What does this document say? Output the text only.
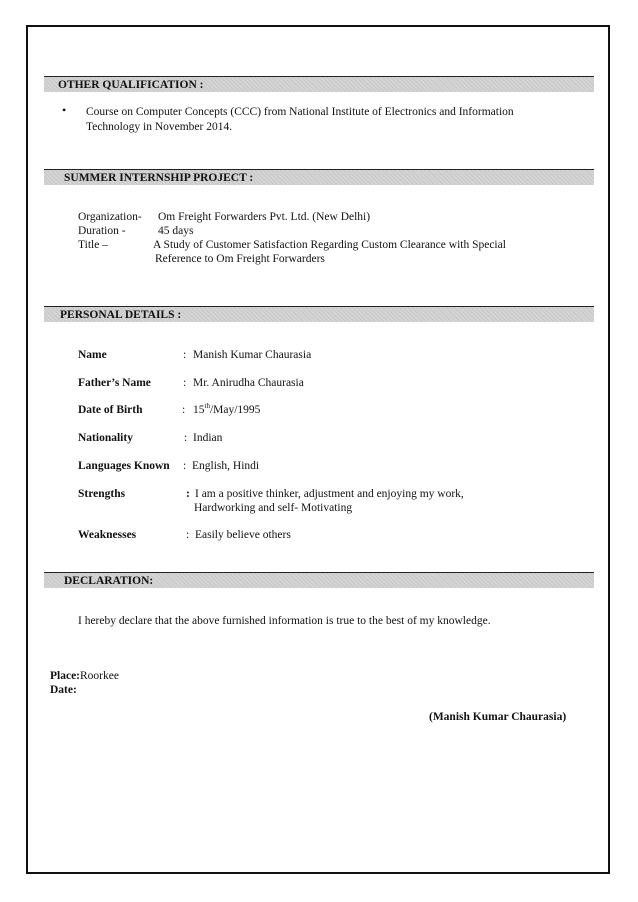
OTHER QUALIFICATION :
• Course on Computer Concepts (CCC) from National Institute of Electronics and Information
Technology in November 2014.
SUMMER INTERNSHIP PROJECT :
Organization- Om Freight Forwarders Pvt. Ltd. (New Delhi)
Duration -	45 days
Title –	A Study of Customer Satisfaction Regarding Custom Clearance with Special
Reference to Om Freight Forwarders
PERSONAL DETAILS :
Name	: Manish Kumar Chaurasia
Father’s Name	: Mr. Anirudha Chaurasia
Date of Birth	: 15th/May/1995
Nationality	: Indian
Languages Known : English, Hindi
Strengths	: I am a positive thinker, adjustment and enjoying my work,
Hardworking and self- Motivating
Weaknesses	: Easily believe others
DECLARATION:
I hereby declare that the above furnished information is true to the best of my knowledge.
Place:Roorkee
Date:
(Manish Kumar Chaurasia)
